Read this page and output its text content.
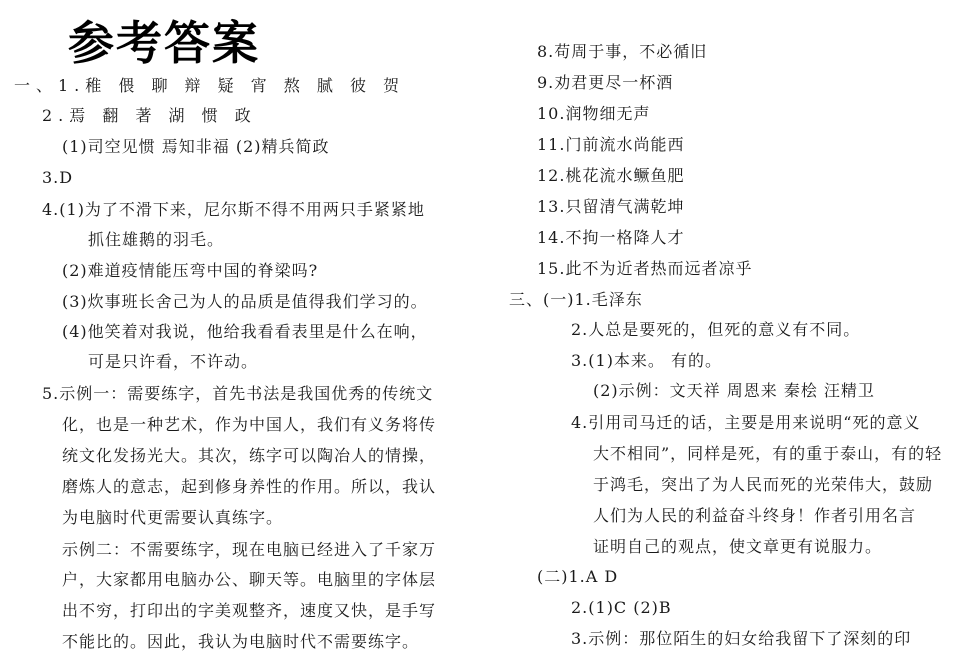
参考答案

一、1.稚 偎 聊 辩 疑 宵 熬 腻 彼 贺

2.焉 翻 著 湖 惯 政

(1)司空见惯 焉知非福 (2)精兵简政

3.D

4.(1)为了不滑下来，尼尔斯不得不用两只手紧紧地

抓住雄鹅的羽毛。

(2)难道疫情能压弯中国的脊梁吗?

(3)炊事班长舍己为人的品质是值得我们学习的。

(4)他笑着对我说，他给我看看表里是什么在响，

可是只许看，不许动。

5.示例一：需要练字，首先书法是我国优秀的传统文

化，也是一种艺术，作为中国人，我们有义务将传

统文化发扬光大。其次，练字可以陶冶人的情操，

磨炼人的意志，起到修身养性的作用。所以，我认

为电脑时代更需要认真练字。

示例二：不需要练字，现在电脑已经进入了千家万

户，大家都用电脑办公、聊天等。电脑里的字体层

出不穷，打印出的字美观整齐，速度又快，是手写

不能比的。因此，我认为电脑时代不需要练字。

8.苟周于事，不必循旧

9.劝君更尽一杯酒

10.润物细无声

11.门前流水尚能西

12.桃花流水鳜鱼肥

13.只留清气满乾坤

14.不拘一格降人才

15.此不为近者热而远者凉乎

三、(一)1.毛泽东

2.人总是要死的，但死的意义有不同。

3.(1)本来。 有的。

(2)示例：文天祥 周恩来 秦桧 汪精卫

4.引用司马迁的话，主要是用来说明“死的意义

大不相同”，同样是死，有的重于泰山，有的轻

于鸿毛，突出了为人民而死的光荣伟大，鼓励

人们为人民的利益奋斗终身！作者引用名言

证明自己的观点，使文章更有说服力。

(二)1.A D

2.(1)C (2)B

3.示例：那位陌生的妇女给我留下了深刻的印
